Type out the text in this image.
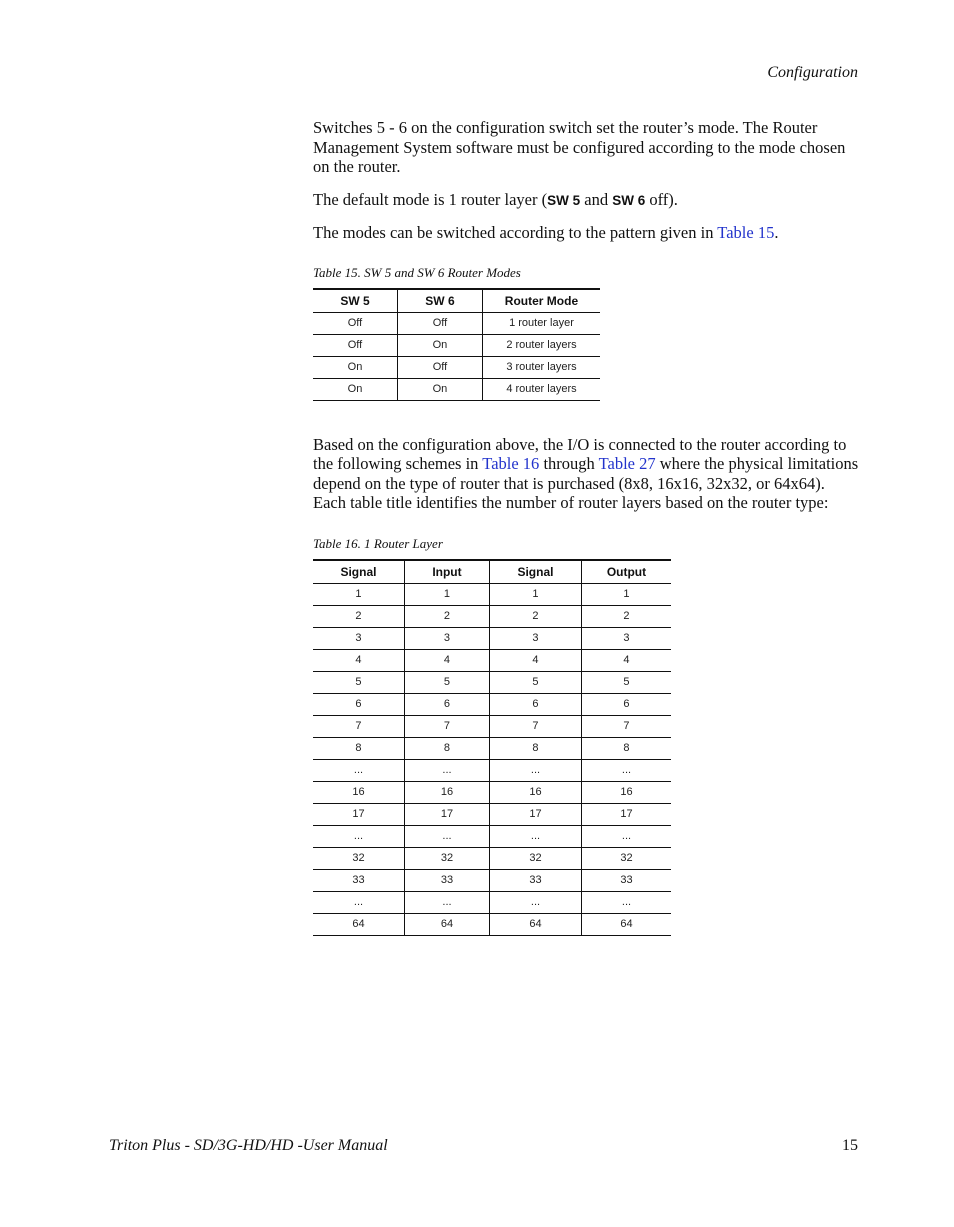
Configuration

Switches 5 - 6 on the configuration switch set the router’s mode. The Router Management System software must be configured according to the mode chosen on the router.

The default mode is 1 router layer (SW 5 and SW 6 off).

The modes can be switched according to the pattern given in Table 15.

Table 15. SW 5 and SW 6 Router Modes
SW 5	SW 6	Router Mode
Off	Off	1 router layer
Off	On	2 router layers
On	Off	3 router layers
On	On	4 router layers

Based on the configuration above, the I/O is connected to the router according to the following schemes in Table 16 through Table 27 where the physical limitations depend on the type of router that is purchased (8x8, 16x16, 32x32, or 64x64). Each table title identifies the number of router layers based on the router type:

Table 16. 1 Router Layer
Signal	Input	Signal	Output
1	1	1	1
2	2	2	2
3	3	3	3
4	4	4	4
5	5	5	5
6	6	6	6
7	7	7	7
8	8	8	8
...	...	...	...
16	16	16	16
17	17	17	17
...	...	...	...
32	32	32	32
33	33	33	33
...	...	...	...
64	64	64	64
Triton Plus - SD/3G-HD/HD -User Manual	15
